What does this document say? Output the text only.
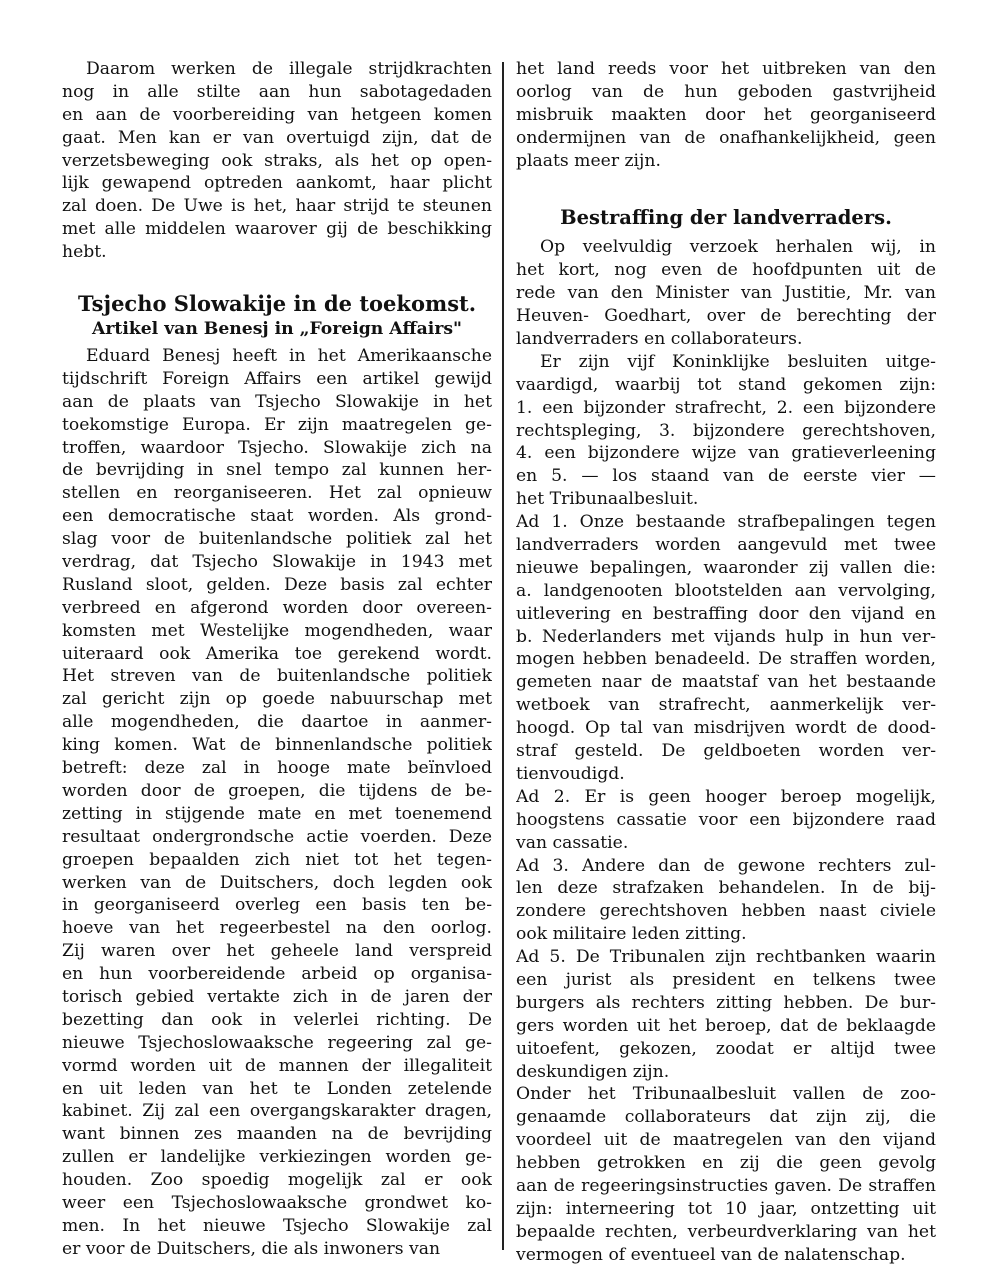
Daarom werken de illegale strijdkrachten
nog in alle stilte aan hun sabotagedaden
en aan de voorbereiding van hetgeen komen
gaat. Men kan er van overtuigd zijn, dat de
verzetsbeweging ook straks, als het op open-
lijk gewapend optreden aankomt, haar plicht
zal doen. De Uwe is het, haar strijd te steunen
met alle middelen waarover gij de beschikking
hebt.
Tsjecho Slowakije in de toekomst.
Artikel van Benesj in „Foreign Affairs"
Eduard Benesj heeft in het Amerikaansche
tijdschrift Foreign Affairs een artikel gewijd
aan de plaats van Tsjecho Slowakije in het
toekomstige Europa. Er zijn maatregelen ge-
troffen, waardoor Tsjecho. Slowakije zich na
de bevrijding in snel tempo zal kunnen her-
stellen en reorganiseeren. Het zal opnieuw
een democratische staat worden. Als grond-
slag voor de buitenlandsche politiek zal het
verdrag, dat Tsjecho Slowakije in 1943 met
Rusland sloot, gelden. Deze basis zal echter
verbreed en afgerond worden door overeen-
komsten met Westelijke mogendheden, waar
uiteraard ook Amerika toe gerekend wordt.
Het streven van de buitenlandsche politiek
zal gericht zijn op goede nabuurschap met
alle mogendheden, die daartoe in aanmer-
king komen. Wat de binnenlandsche politiek
betreft: deze zal in hooge mate beïnvloed
worden door de groepen, die tijdens de be-
zetting in stijgende mate en met toenemend
resultaat ondergrondsche actie voerden. Deze
groepen bepaalden zich niet tot het tegen-
werken van de Duitschers, doch legden ook
in georganiseerd overleg een basis ten be-
hoeve van het regeerbestel na den oorlog.
Zij waren over het geheele land verspreid
en hun voorbereidende arbeid op organisa-
torisch gebied vertakte zich in de jaren der
bezetting dan ook in velerlei richting. De
nieuwe Tsjechoslowaaksche regeering zal ge-
vormd worden uit de mannen der illegaliteit
en uit leden van het te Londen zetelende
kabinet. Zij zal een overgangskarakter dragen,
want binnen zes maanden na de bevrijding
zullen er landelijke verkiezingen worden ge-
houden. Zoo spoedig mogelijk zal er ook
weer een Tsjechoslowaaksche grondwet ko-
men. In het nieuwe Tsjecho Slowakije zal
er voor de Duitschers, die als inwoners van
het land reeds voor het uitbreken van den
oorlog van de hun geboden gastvrijheid
misbruik maakten door het georganiseerd
ondermijnen van de onafhankelijkheid, geen
plaats meer zijn.
Bestraffing der landverraders.
Op veelvuldig verzoek herhalen wij, in
het kort, nog even de hoofdpunten uit de
rede van den Minister van Justitie, Mr. van
Heuven- Goedhart, over de berechting der
landverraders en collaborateurs.
Er zijn vijf Koninklijke besluiten uitge-
vaardigd, waarbij tot stand gekomen zijn:
1. een bijzonder strafrecht, 2. een bijzondere
rechtspleging, 3. bijzondere gerechtshoven,
4. een bijzondere wijze van gratieverleening
en 5. — los staand van de eerste vier —
het Tribunaalbesluit.
Ad 1. Onze bestaande strafbepalingen tegen
landverraders worden aangevuld met twee
nieuwe bepalingen, waaronder zij vallen die:
a. landgenooten blootstelden aan vervolging,
uitlevering en bestraffing door den vijand en
b. Nederlanders met vijands hulp in hun ver-
mogen hebben benadeeld. De straffen worden,
gemeten naar de maatstaf van het bestaande
wetboek van strafrecht, aanmerkelijk ver-
hoogd. Op tal van misdrijven wordt de dood-
straf gesteld. De geldboeten worden ver-
tienvoudigd.
Ad 2. Er is geen hooger beroep mogelijk,
hoogstens cassatie voor een bijzondere raad
van cassatie.
Ad 3. Andere dan de gewone rechters zul-
len deze strafzaken behandelen. In de bij-
zondere gerechtshoven hebben naast civiele
ook militaire leden zitting.
Ad 5. De Tribunalen zijn rechtbanken waarin
een jurist als president en telkens twee
burgers als rechters zitting hebben. De bur-
gers worden uit het beroep, dat de beklaagde
uitoefent, gekozen, zoodat er altijd twee
deskundigen zijn.
Onder het Tribunaalbesluit vallen de zoo-
genaamde collaborateurs dat zijn zij, die
voordeel uit de maatregelen van den vijand
hebben getrokken en zij die geen gevolg
aan de regeeringsinstructies gaven. De straffen
zijn: interneering tot 10 jaar, ontzetting uit
bepaalde rechten, verbeurdverklaring van het
vermogen of eventueel van de nalatenschap.
